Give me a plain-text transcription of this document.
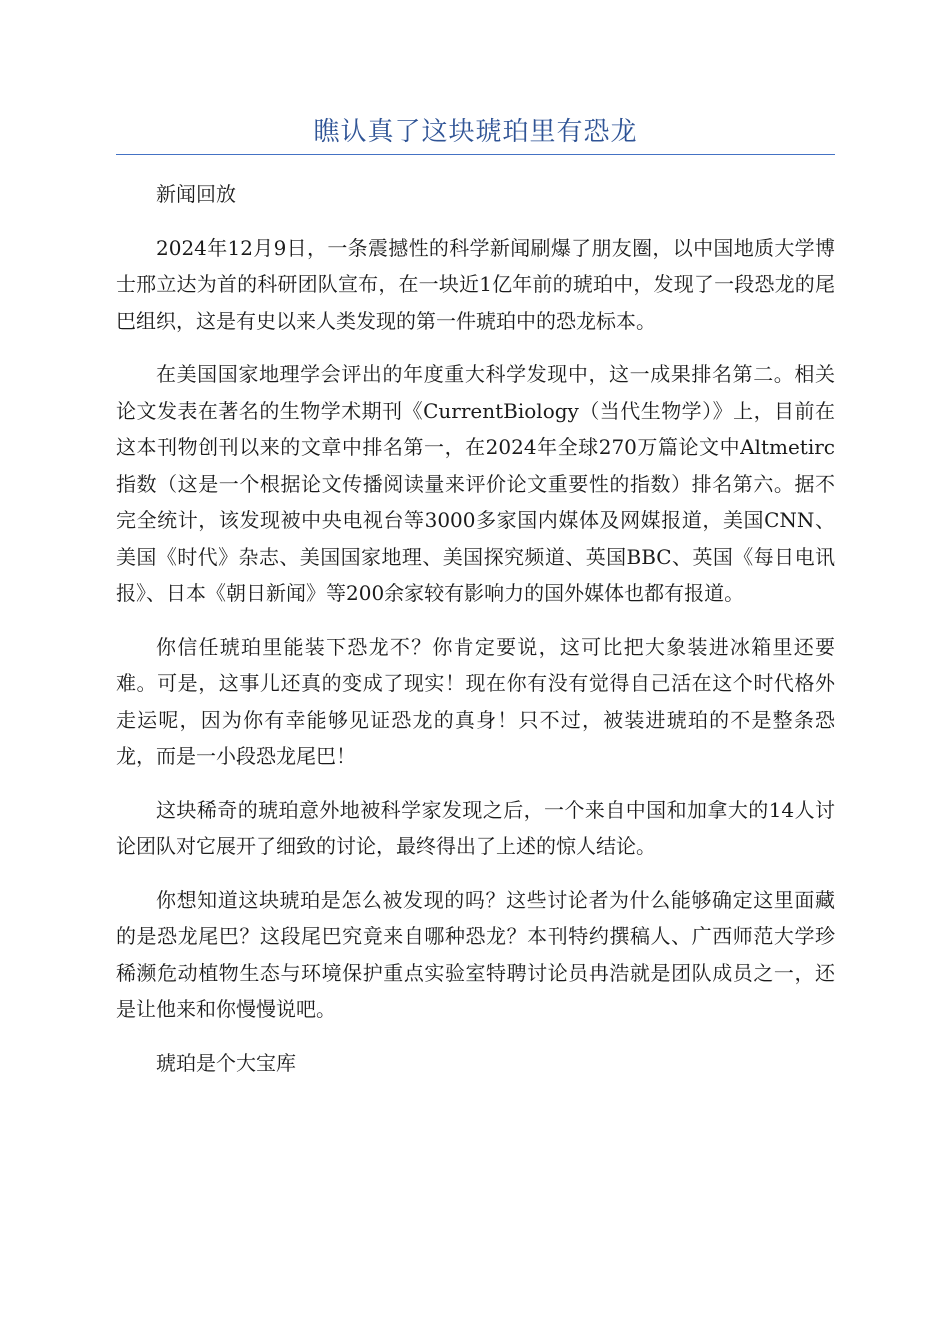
瞧认真了这块琥珀里有恐龙

新闻回放

2024年12月9日，一条震撼性的科学新闻刷爆了朋友圈，以中国地质大学博士邢立达为首的科研团队宣布，在一块近1亿年前的琥珀中，发现了一段恐龙的尾巴组织，这是有史以来人类发现的第一件琥珀中的恐龙标本。

在美国国家地理学会评出的年度重大科学发现中，这一成果排名第二。相关论文发表在著名的生物学术期刊《CurrentBiology（当代生物学）》上，目前在这本刊物创刊以来的文章中排名第一，在2024年全球270万篇论文中Altmetirc指数（这是一个根据论文传播阅读量来评价论文重要性的指数）排名第六。据不完全统计，该发现被中央电视台等3000多家国内媒体及网媒报道，美国CNN、美国《时代》杂志、美国国家地理、美国探究频道、英国BBC、英国《每日电讯报》、日本《朝日新闻》等200余家较有影响力的国外媒体也都有报道。

你信任琥珀里能装下恐龙不？你肯定要说，这可比把大象装进冰箱里还要难。可是，这事儿还真的变成了现实！现在你有没有觉得自己活在这个时代格外走运呢，因为你有幸能够见证恐龙的真身！只不过，被装进琥珀的不是整条恐龙，而是一小段恐龙尾巴！

这块稀奇的琥珀意外地被科学家发现之后，一个来自中国和加拿大的14人讨论团队对它展开了细致的讨论，最终得出了上述的惊人结论。

你想知道这块琥珀是怎么被发现的吗？这些讨论者为什么能够确定这里面藏的是恐龙尾巴？这段尾巴究竟来自哪种恐龙？本刊特约撰稿人、广西师范大学珍稀濒危动植物生态与环境保护重点实验室特聘讨论员冉浩就是团队成员之一，还是让他来和你慢慢说吧。

琥珀是个大宝库
